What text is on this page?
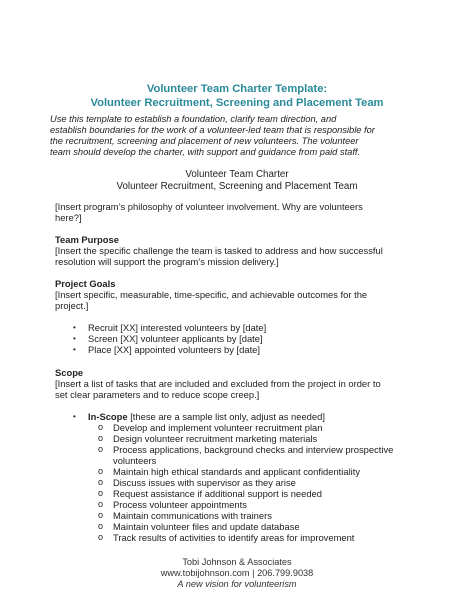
Volunteer Team Charter Template:
Volunteer Recruitment, Screening and Placement Team
Use this template to establish a foundation, clarify team direction, and
establish boundaries for the work of a volunteer-led team that is responsible for
the recruitment, screening and placement of new volunteers. The volunteer
team should develop the charter, with support and guidance from paid staff.
Volunteer Team Charter
Volunteer Recruitment, Screening and Placement Team
[Insert program’s philosophy of volunteer involvement. Why are volunteers
here?]
Team Purpose
[Insert the specific challenge the team is tasked to address and how successful
resolution will support the program’s mission delivery.]
Project Goals
[Insert specific, measurable, time-specific, and achievable outcomes for the
project.]
• Recruit [XX] interested volunteers by [date]
• Screen [XX] volunteer applicants by [date]
• Place [XX] appointed volunteers by [date]
Scope
[Insert a list of tasks that are included and excluded from the project in order to
set clear parameters and to reduce scope creep.]
• In-Scope [these are a sample list only, adjust as needed]
o Develop and implement volunteer recruitment plan
o Design volunteer recruitment marketing materials
o Process applications, background checks and interview prospective
volunteers
o Maintain high ethical standards and applicant confidentiality
o Discuss issues with supervisor as they arise
o Request assistance if additional support is needed
o Process volunteer appointments
o Maintain communications with trainers
o Maintain volunteer files and update database
o Track results of activities to identify areas for improvement
Tobi Johnson & Associates
www.tobijohnson.com | 206.799.9038
A new vision for volunteerism
